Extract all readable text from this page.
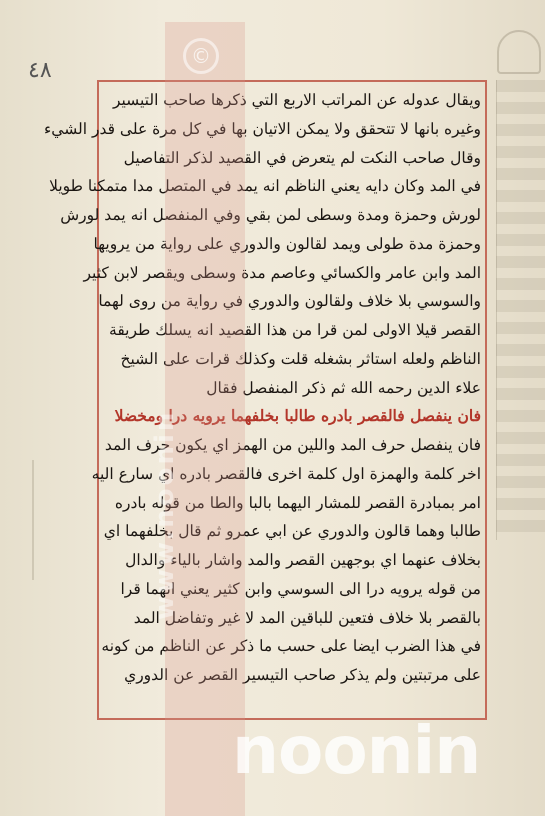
٤٨
ويقال عدوله عن المراتب الاربع التي ذكرها صاحب التيسير
وغيره بانها لا تتحقق ولا يمكن الاتيان بها في كل مرة على قدر الشيء
وقال صاحب النكت لم يتعرض في القصيد لذكر التفاصيل
في المد وكان دايه يعني الناظم انه يمد في المتصل مدا متمكنا طويلا
لورش وحمزة ومدة وسطى لمن بقي وفي المنفصل انه يمد لورش
وحمزة مدة طولى ويمد لقالون والدوري على رواية من يرويها
المد وابن عامر والكسائي وعاصم مدة وسطى ويقصر لابن كثير
والسوسي بلا خلاف ولقالون والدوري في رواية من روى لهما
القصر قيلا الاولى لمن قرا من هذا القصيد انه يسلك طريقة
الناظم ولعله استاثر بشغله قلت وكذلك قرات على الشيخ
علاء الدين رحمه الله ثم ذكر المنفصل فقال
فان ينفصل فالقصر بادره طالبا بخلفهما يرويه درا ومخضلا
فان ينفصل حرف المد واللين من الهمز اي يكون حرف المد
اخر كلمة والهمزة اول كلمة اخرى فالقصر بادره اي سارع اليه
امر بمبادرة القصر للمشار اليهما بالبا والطا من قوله بادره
طالبا وهما قالون والدوري عن ابي عمرو ثم قال بخلفهما اي
بخلاف عنهما اي بوجهين القصر والمد واشار بالياء والدال
من قوله يرويه درا الى السوسي وابن كثير يعني انهما قرا
بالقصر بلا خلاف فتعين للباقين المد لا غير وتفاضل المد
في هذا الضرب ايضا على حسب ما ذكر عن الناظم من كونه
على مرتبتين ولم يذكر صاحب التيسير القصر عن الدوري
©
www.noonin
noonin
